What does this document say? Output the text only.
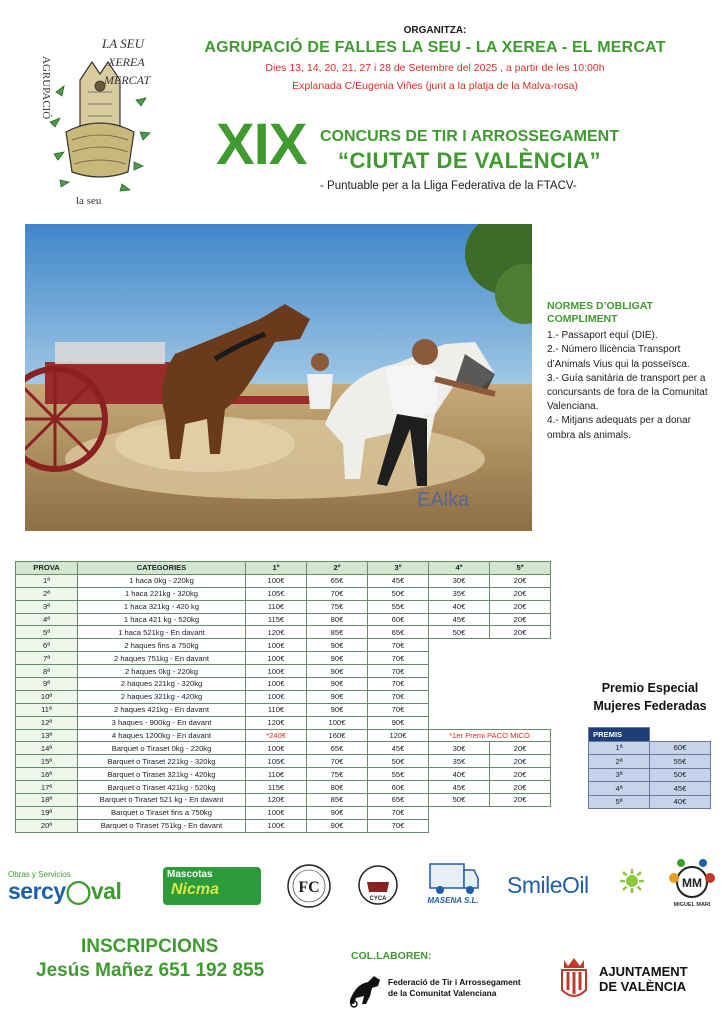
AGRUPACIÓ
LA SEU
XEREA
MERCAT
la seu
ORGANITZA:
AGRUPACIÓ DE FALLES LA SEU - LA XEREA - EL MERCAT
Dies 13, 14, 20, 21, 27 i 28 de Setembre del 2025 , a partir de les 10:00h
Explanada C/Eugenia Viñes (junt a la platja de la Malva-rosa)
XIX CONCURS DE TIR I ARROSSEGAMENT
“CIUTAT DE VALÈNCIA”
- Puntuable per a la Lliga Federativa de la FTACV-
EAlka
NORMES D’OBLIGAT COMPLIMENT
1.- Passaport equí (DIE).
2.- Número llicència Transport d’Animals Vius qui la posseïsca.
3.- Guía sanitària de transport per a concursants de fora de la Comunitat Valenciana.
4.- Mitjans adequats per a donar ombra als animals.
PROVA	CATEGORIES	1º	2º	3º	4º	5º
1ª	1 haca 0kg - 220kg	100€	65€	45€	30€	20€
2ª	1 haca 221kg - 320kg	105€	70€	50€	35€	20€
3ª	1 haca 321kg - 420 kg	110€	75€	55€	40€	20€
4ª	1 haca 421 kg - 520kg	115€	80€	60€	45€	20€
5ª	1 haca 521kg - En davant	120€	85€	65€	50€	20€
6ª	2 haques fins a 750kg	100€	90€	70€		
7ª	2 haques 751kg - En davant	100€	90€	70€		
8ª	2 haques 0kg - 220kg	100€	90€	70€		
9ª	2 haques 221kg - 320kg	100€	90€	70€		
10ª	2 haques 321kg - 420kg	100€	90€	70€		
11ª	2 haques 421kg - En davant	110€	90€	70€		
12ª	3 haques - 900kg - En davant	120€	100€	90€		
13ª	4 haques 1200kg - En davant	*240€	160€	120€	*1er Premi PACO MICÓ	
14ª	Barquet o Tiraset 0kg - 220kg	100€	65€	45€	30€	20€
15ª	Barquet o Tiraset 221kg - 320kg	105€	70€	50€	35€	20€
16ª	Barquet o Tiraset 321kg - 420kg	110€	75€	55€	40€	20€
17ª	Barquet o Tiraset 421kg - 520kg	115€	80€	60€	45€	20€
18ª	Barquet o Tiraset 521 kg - En davant	120€	85€	65€	50€	20€
19ª	Barquet o Tiraset fins a 750kg	100€	90€	70€		
20ª	Barquet o Tiraset 751kg - En davant	100€	90€	70€		
Premio Especial
Mujeres Federadas
PREMIS	
1ª	60€
2ª	55€
3ª	50€
4ª	45€
5ª	40€
Obras y Servicios
sercy◯val
Mascotas
Nicma	FC
CYCA	MASENA S.L.
SmileOil	MM
MIGUEL MARI
INSCRIPCIONS
Jesús Mañez 651 192 855
COL.LABOREN:
Federació de Tir i Arrossegament
de la Comunitat Valenciana
AJUNTAMENT
DE VALÈNCIA
